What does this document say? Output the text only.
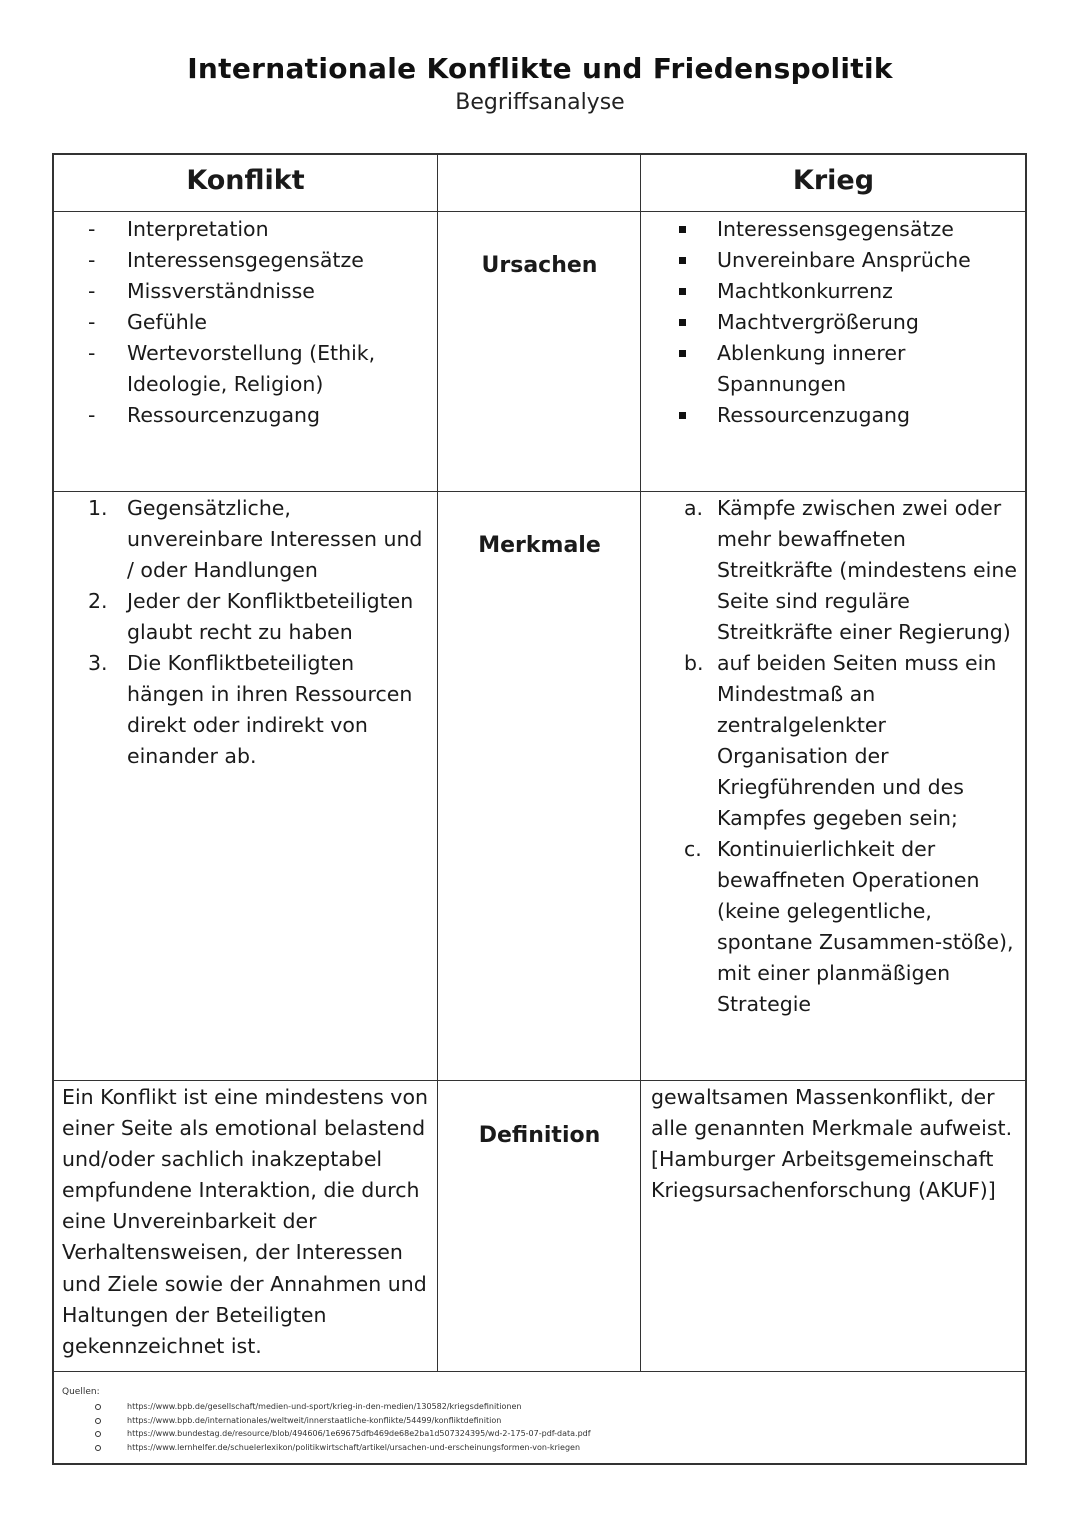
Internationale Konflikte und Friedenspolitik
Begriffsanalyse
Konflikt	Krieg
Ursachen
- Interpretation
- Interessensgegensätze
- Missverständnisse
- Gefühle
- Wertevorstellung (Ethik, Ideologie, Religion)
- Ressourcenzugang
Interessensgegensätze
Unvereinbare Ansprüche
Machtkonkurrenz
Machtvergrößerung
Ablenkung innerer Spannungen
Ressourcenzugang
Merkmale
1. Gegensätzliche, unvereinbare Interessen und / oder Handlungen
2. Jeder der Konfliktbeteiligten glaubt recht zu haben
3. Die Konfliktbeteiligten hängen in ihren Ressourcen direkt oder indirekt von einander ab.
a. Kämpfe zwischen zwei oder mehr bewaffneten Streitkräfte (mindestens eine Seite sind reguläre Streitkräfte einer Regierung)
b. auf beiden Seiten muss ein Mindestmaß an zentralgelenkter Organisation der Kriegführenden und des Kampfes gegeben sein;
c. Kontinuierlichkeit der bewaffneten Operationen (keine gelegentliche, spontane Zusammen-stöße), mit einer planmäßigen Strategie
Definition

Ein Konflikt ist eine mindestens von einer Seite als emotional belastend und/oder sachlich inakzeptabel empfundene Interaktion, die durch eine Unvereinbarkeit der Verhaltensweisen, der Interessen und Ziele sowie der Annahmen und Haltungen der Beteiligten gekennzeichnet ist.

gewaltsamen Massenkonflikt, der alle genannten Merkmale aufweist. [Hamburger Arbeitsgemeinschaft Kriegsursachenforschung (AKUF)]

Quellen:
https://www.bpb.de/gesellschaft/medien-und-sport/krieg-in-den-medien/130582/kriegsdefinitionen
https://www.bpb.de/internationales/weltweit/innerstaatliche-konflikte/54499/konfliktdefinition
https://www.bundestag.de/resource/blob/494606/1e69675dfb469de68e2ba1d507324395/wd-2-175-07-pdf-data.pdf
https://www.lernhelfer.de/schuelerlexikon/politikwirtschaft/artikel/ursachen-und-erscheinungsformen-von-kriegen
